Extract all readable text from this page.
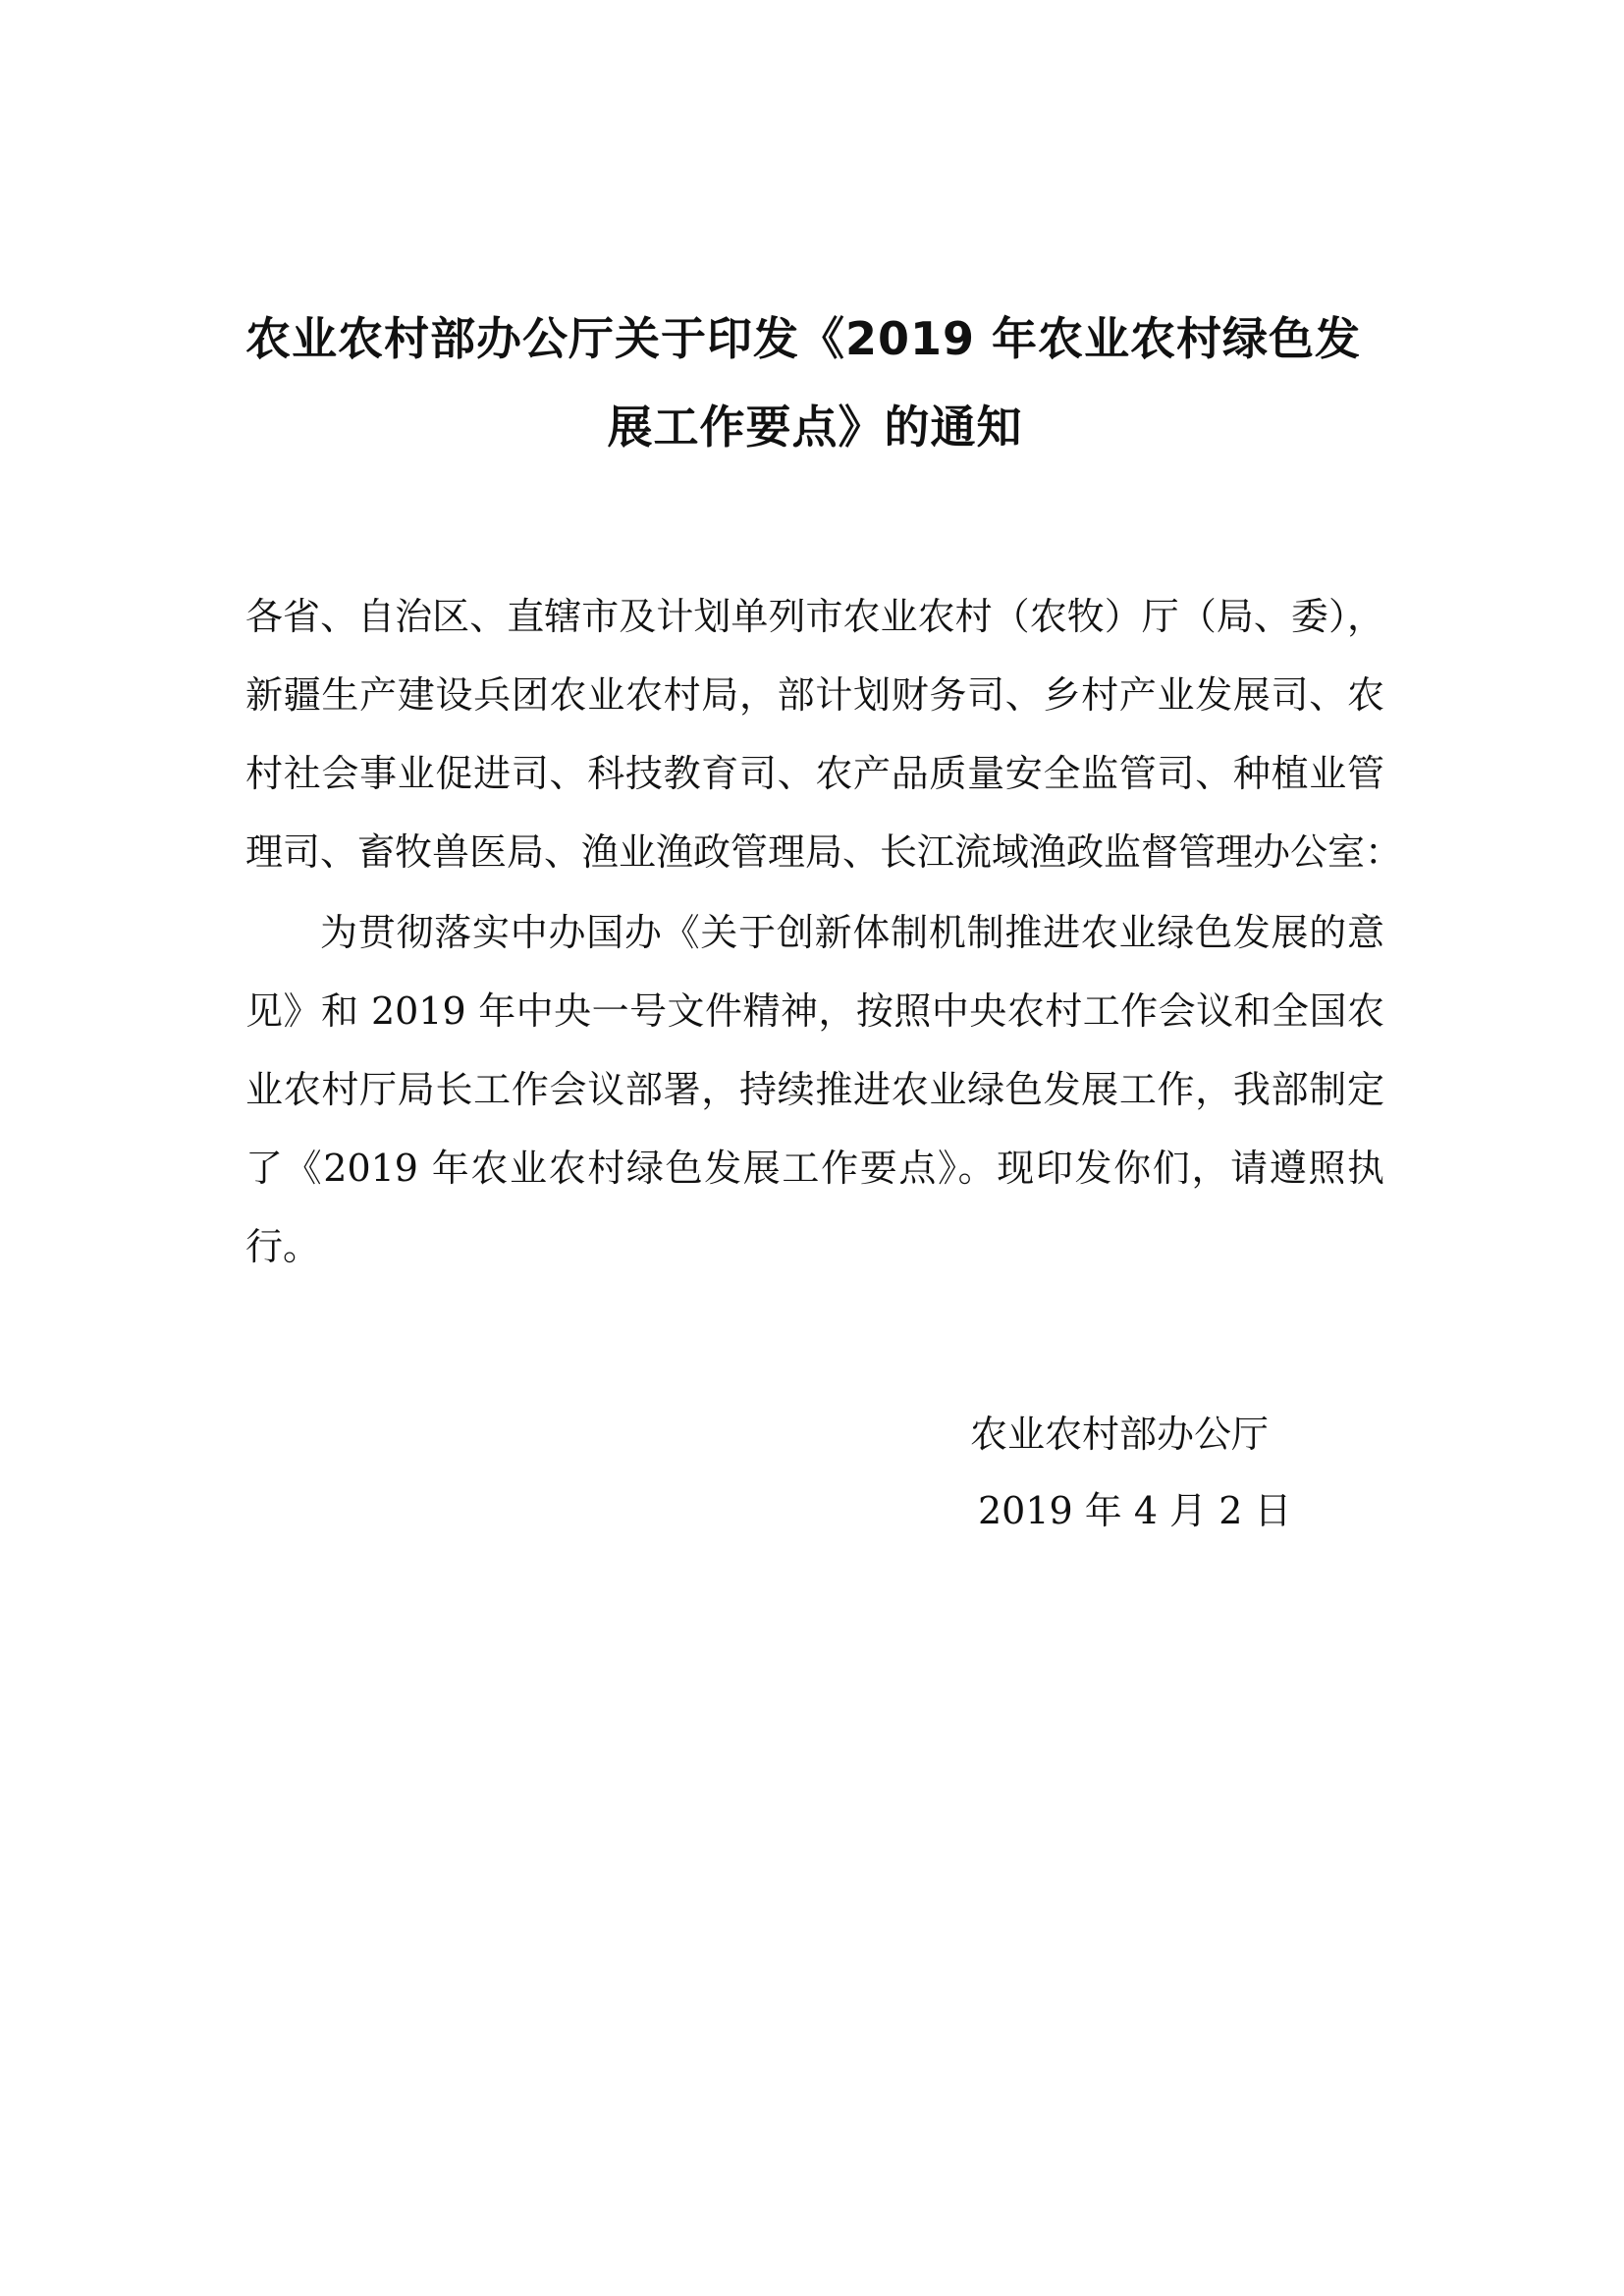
农业农村部办公厅关于印发《2019 年农业农村绿色发
展工作要点》的通知
各省、自治区、直辖市及计划单列市农业农村（农牧）厅（局、委），
新疆生产建设兵团农业农村局，部计划财务司、乡村产业发展司、农
村社会事业促进司、科技教育司、农产品质量安全监管司、种植业管
理司、畜牧兽医局、渔业渔政管理局、长江流域渔政监督管理办公室：
为贯彻落实中办国办《关于创新体制机制推进农业绿色发展的意
见》和 2019 年中央一号文件精神，按照中央农村工作会议和全国农
业农村厅局长工作会议部署，持续推进农业绿色发展工作，我部制定
了《2019 年农业农村绿色发展工作要点》。现印发你们，请遵照执
行。
农业农村部办公厅
2019 年 4 月 2 日
